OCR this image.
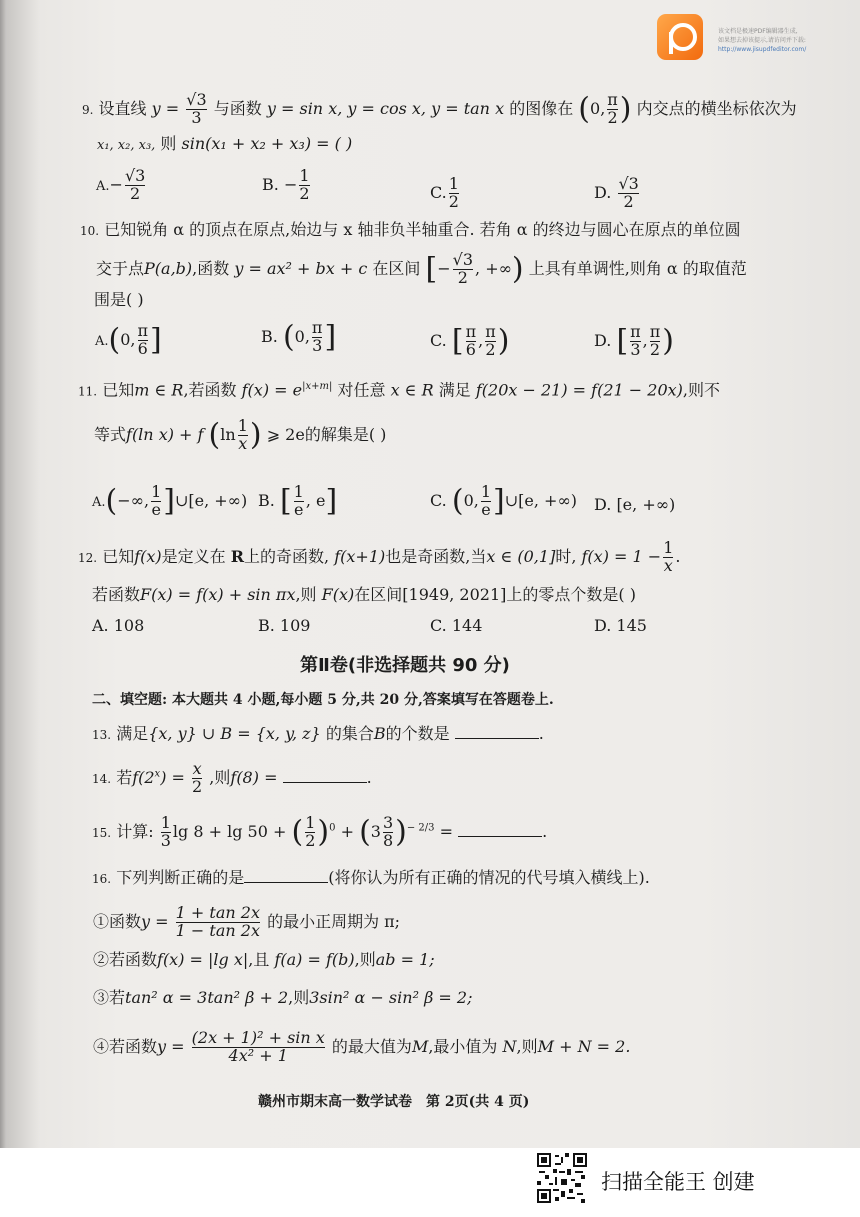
该文档是极速PDF编辑器生成,
如果想去掉该提示,请访问并下载:
http://www.jisupdfeditor.com/
9. 设直线 $y = \frac{√3}{3}$ 与函数 y = sin x, y = cos x, y = tan x 的图像在 (0, $\frac{\pi}{2}$ ) 内交点的横坐标依次为
x₁, x₂, x₃, 则 sin(x₁ + x₂ + x₃) = ( )
$A.- \frac{√3}{2}$	B. − $\frac{1}{2}$	C. $\frac{1}{2}$	D. $\frac{√3}{2}$
10. 已知锐角 α 的顶点在原点,始边与 x 轴非负半轴重合. 若角 α 的终边与圆心在原点的单位圆
交于点P(a,b),函数 y = ax² + bx + c 在区间 [− $\frac{√3}{2}$ , +∞) 上具有单调性,则角 α 的取值范
围是( )
A.(0, $\frac{\pi}{6}$ ]	B. (0, $\frac{\pi}{3}$ ]	C. [ $\frac{\pi}{6}$ , $\frac{\pi}{2}$ )	D. [ $\frac{\pi}{3}$ , $\frac{\pi}{2}$ )
11. 已知m ∈ R,若函数 $f(x) = e^{|x+m|}$ 对任意 x ∈ R 满足 f(20x − 21) = f(21 − 20x),则不
等式f(ln x) + f ($\ln \frac{1}{x}$ ) ⩾ 2e的解集是( )
A.(−∞, $\frac{1}{e}$ ]∪[e, +∞) B. [ $\frac{1}{e}$ , e]	C. (0, $\frac{1}{e}$ ]∪[e, +∞) D. [e, +∞)
12. 已知f(x)是定义在 R上的奇函数, f(x+1)也是奇函数,当x ∈ (0,1]时, $f(x) = 1 - \frac{1}{x}$ .
若函数F(x) = f(x) + sin πx,则 F(x)在区间[1949, 2021]上的零点个数是( )
A. 108	B. 109	C. 144	D. 145
第Ⅱ卷(非选择题共 90 分)
二、填空题: 本大题共 4 小题,每小题 5 分,共 20 分,答案填写在答题卷上.
13. 满足{x, y} ∪ B = {x, y, z} 的集合B的个数是	.
14. 若$f(2^x) = \frac{x}{2}$ ,则f(8) =	.
15. 计算: $\frac{1}{3}$ lg 8 + lg 50 + ( $\frac{1}{2} )^0 + (3 \frac{3}{8} )^{- 2/3}$ =	.
16. 下列判断正确的是	(将你认为所有正确的情况的代号填入横线上).
①函数$y = \frac{1 + \tan 2x}{1 - \tan 2x}$ 的最小正周期为 π;
②若函数f(x) = |lg x|,且 f(a) = f(b),则ab = 1;
③若tan² α = 3tan² β + 2,则3sin² α − sin² β = 2;
④若函数$y = \frac{\text{(2x + 1)² + sin x}}{\text{4x² + 1}}$ 的最大值为M,最小值为 N,则M + N = 2.
赣州市期末高一数学试卷　第 2页(共 4 页)
扫描全能王 创建
